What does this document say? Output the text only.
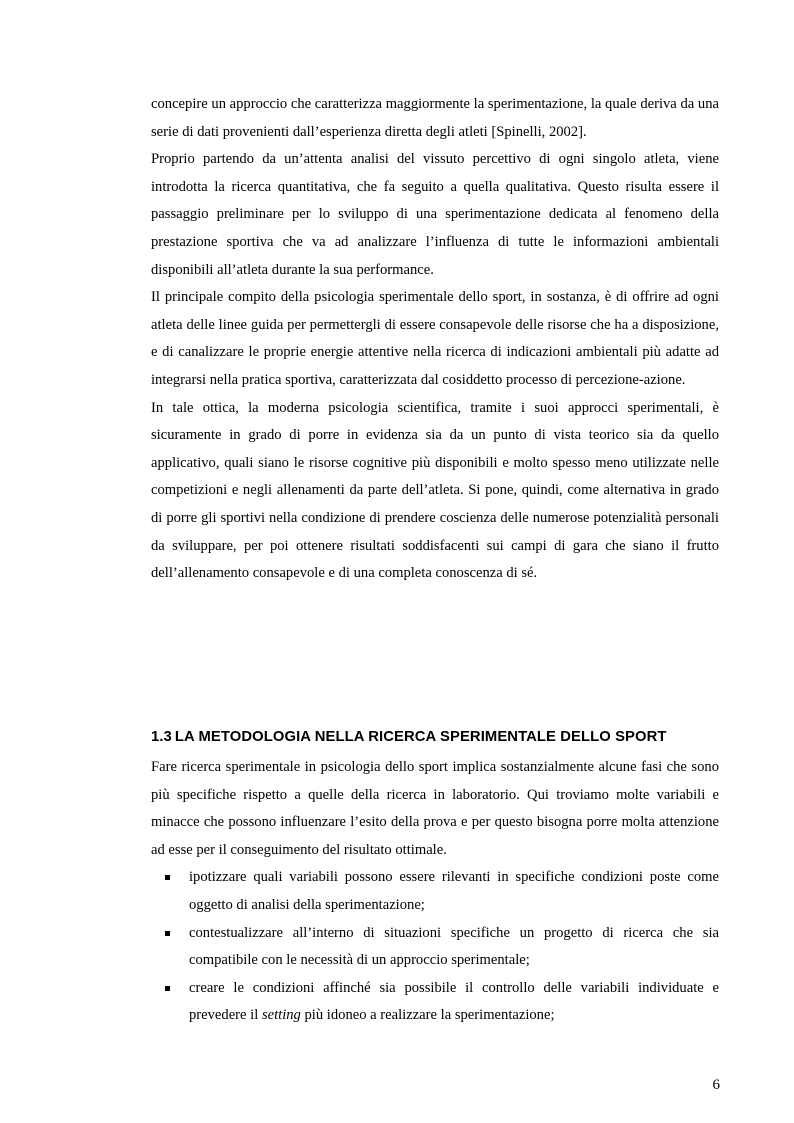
concepire un approccio che caratterizza maggiormente la sperimentazione, la quale deriva da una serie di dati provenienti dall’esperienza diretta degli atleti [Spinelli, 2002].

Proprio partendo da un’attenta analisi del vissuto percettivo di ogni singolo atleta, viene introdotta la ricerca quantitativa, che fa seguito a quella qualitativa. Questo risulta essere il passaggio preliminare per lo sviluppo di una sperimentazione dedicata al fenomeno della prestazione sportiva che va ad analizzare l’influenza di tutte le informazioni ambientali disponibili all’atleta durante la sua performance.

Il principale compito della psicologia sperimentale dello sport, in sostanza, è di offrire ad ogni atleta delle linee guida per permettergli di essere consapevole delle risorse che ha a disposizione, e di canalizzare le proprie energie attentive nella ricerca di indicazioni ambientali più adatte ad integrarsi nella pratica sportiva, caratterizzata dal cosiddetto processo di percezione-azione.

In tale ottica, la moderna psicologia scientifica, tramite i suoi approcci sperimentali, è sicuramente in grado di porre in evidenza sia da un punto di vista teorico sia da quello applicativo, quali siano le risorse cognitive più disponibili e molto spesso meno utilizzate nelle competizioni e negli allenamenti da parte dell’atleta. Si pone, quindi, come alternativa in grado di porre gli sportivi nella condizione di prendere coscienza delle numerose potenzialità personali da sviluppare, per poi ottenere risultati soddisfacenti sui campi di gara che siano il frutto dell’allenamento consapevole e di una completa conoscenza di sé.

1.3 LA METODOLOGIA NELLA RICERCA SPERIMENTALE DELLO SPORT

Fare ricerca sperimentale in psicologia dello sport implica sostanzialmente alcune fasi che sono più specifiche rispetto a quelle della ricerca in laboratorio. Qui troviamo molte variabili e minacce che possono influenzare l’esito della prova e per questo bisogna porre molta attenzione ad esse per il conseguimento del risultato ottimale.

ipotizzare quali variabili possono essere rilevanti in specifiche condizioni poste come oggetto di analisi della sperimentazione;
contestualizzare all’interno di situazioni specifiche un progetto di ricerca che sia compatibile con le necessità di un approccio sperimentale;
creare le condizioni affinché sia possibile il controllo delle variabili individuate e prevedere il setting più idoneo a realizzare la sperimentazione;
6
